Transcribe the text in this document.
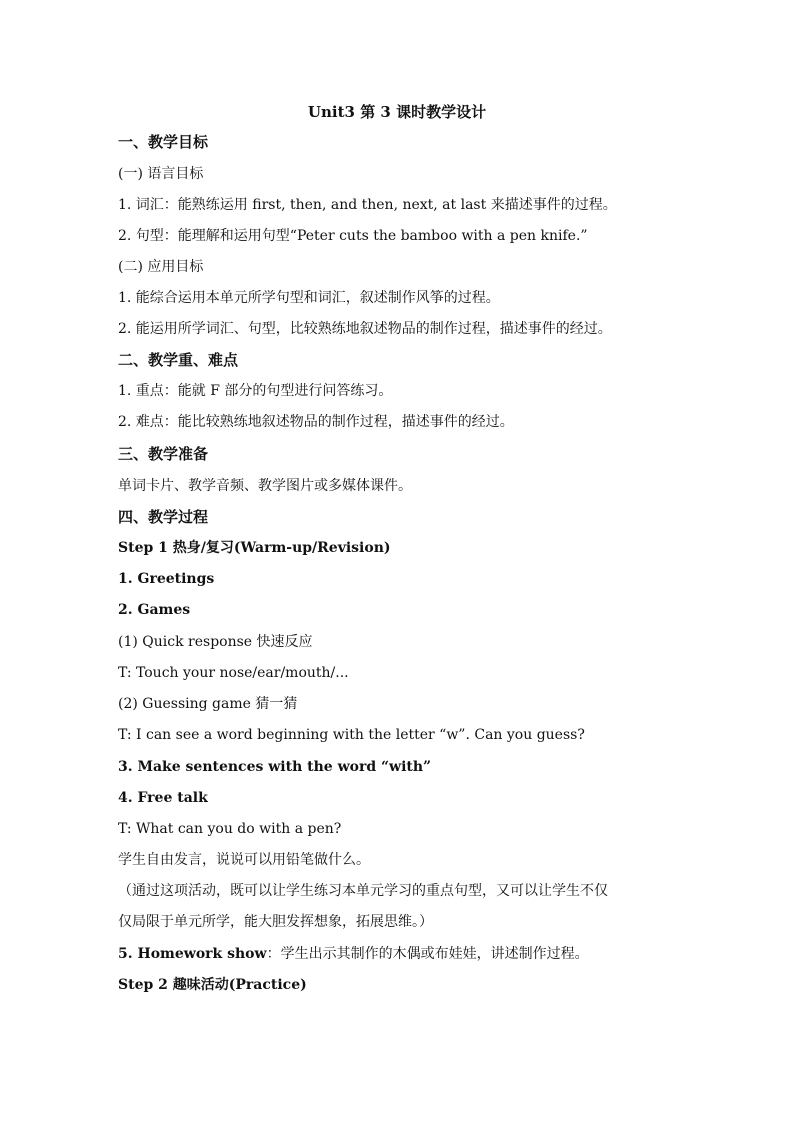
Unit3 第 3 课时教学设计
一、教学目标
(一) 语言目标
1. 词汇：能熟练运用 first, then, and then, next, at last 来描述事件的过程。
2. 句型：能理解和运用句型“Peter cuts the bamboo with a pen knife.”
(二) 应用目标
1. 能综合运用本单元所学句型和词汇，叙述制作风筝的过程。
2. 能运用所学词汇、句型，比较熟练地叙述物品的制作过程，描述事件的经过。
二、教学重、难点
1. 重点：能就 F 部分的句型进行问答练习。
2. 难点：能比较熟练地叙述物品的制作过程，描述事件的经过。
三、教学准备
单词卡片、教学音频、教学图片或多媒体课件。
四、教学过程
Step 1 热身/复习(Warm-up/Revision)
1. Greetings
2. Games
(1) Quick response 快速反应
T: Touch your nose/ear/mouth/...
(2) Guessing game 猜一猜
T: I can see a word beginning with the letter “w”. Can you guess?
3. Make sentences with the word “with”
4. Free talk
T: What can you do with a pen?
学生自由发言，说说可以用铅笔做什么。
（通过这项活动，既可以让学生练习本单元学习的重点句型，又可以让学生不仅
仅局限于单元所学，能大胆发挥想象，拓展思维。）
5. Homework show：学生出示其制作的木偶或布娃娃，讲述制作过程。
Step 2 趣味活动(Practice)
